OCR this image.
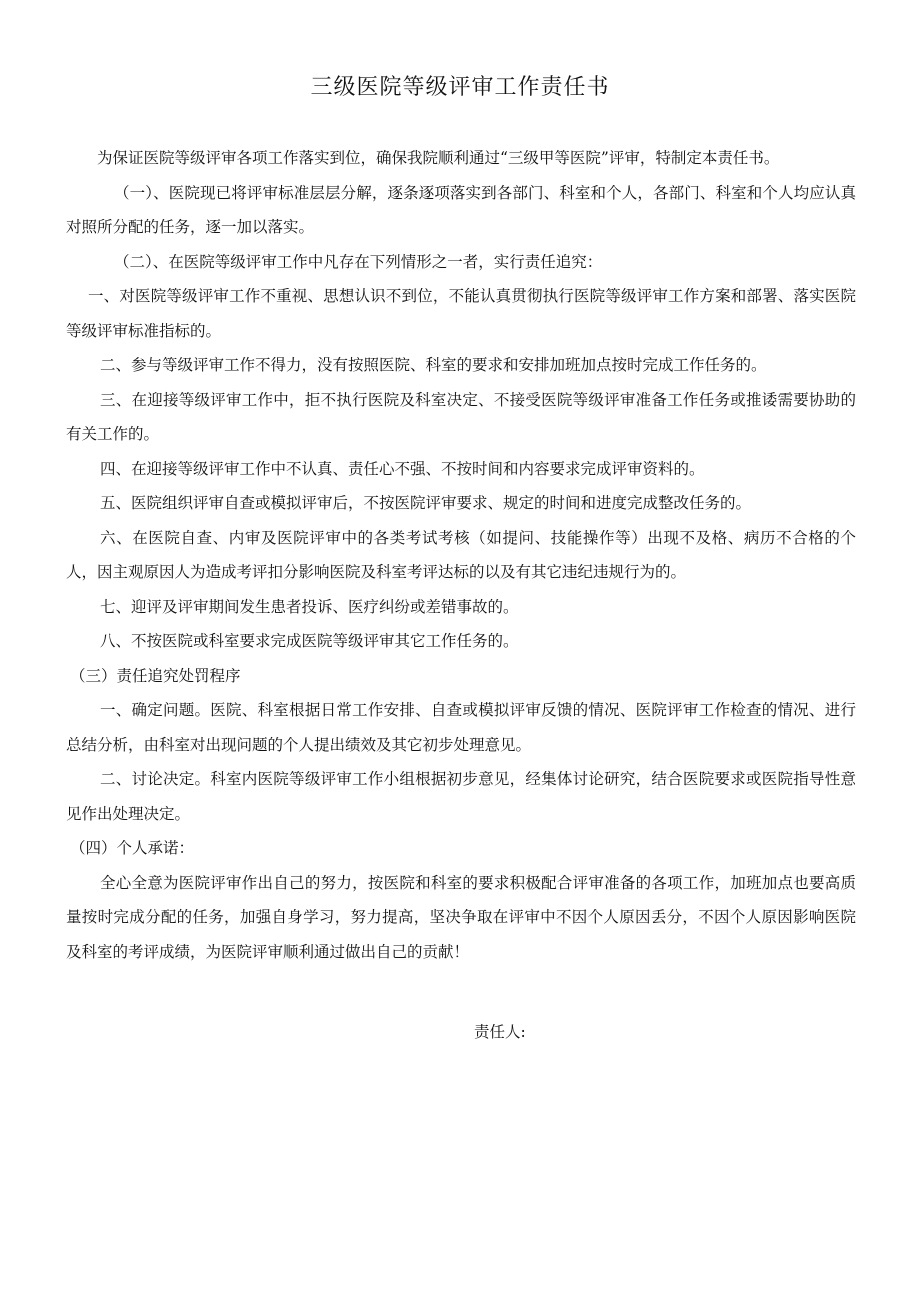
三级医院等级评审工作责任书

为保证医院等级评审各项工作落实到位，确保我院顺利通过“三级甲等医院”评审，特制定本责任书。

（一）、医院现已将评审标准层层分解，逐条逐项落实到各部门、科室和个人，各部门、科室和个人均应认真对照所分配的任务，逐一加以落实。

（二）、在医院等级评审工作中凡存在下列情形之一者，实行责任追究：

一、对医院等级评审工作不重视、思想认识不到位，不能认真贯彻执行医院等级评审工作方案和部署、落实医院等级评审标准指标的。

二、参与等级评审工作不得力，没有按照医院、科室的要求和安排加班加点按时完成工作任务的。

三、在迎接等级评审工作中，拒不执行医院及科室决定、不接受医院等级评审准备工作任务或推诿需要协助的有关工作的。

四、在迎接等级评审工作中不认真、责任心不强、不按时间和内容要求完成评审资料的。

五、医院组织评审自查或模拟评审后，不按医院评审要求、规定的时间和进度完成整改任务的。

六、在医院自查、内审及医院评审中的各类考试考核（如提问、技能操作等）出现不及格、病历不合格的个人，因主观原因人为造成考评扣分影响医院及科室考评达标的以及有其它违纪违规行为的。

七、迎评及评审期间发生患者投诉、医疗纠纷或差错事故的。

八、不按医院或科室要求完成医院等级评审其它工作任务的。

（三）责任追究处罚程序

一、确定问题。医院、科室根据日常工作安排、自查或模拟评审反馈的情况、医院评审工作检查的情况、进行总结分析，由科室对出现问题的个人提出绩效及其它初步处理意见。

二、讨论决定。科室内医院等级评审工作小组根据初步意见，经集体讨论研究，结合医院要求或医院指导性意见作出处理决定。

（四）个人承诺：

全心全意为医院评审作出自己的努力，按医院和科室的要求积极配合评审准备的各项工作，加班加点也要高质量按时完成分配的任务，加强自身学习，努力提高，坚决争取在评审中不因个人原因丢分，不因个人原因影响医院及科室的考评成绩，为医院评审顺利通过做出自己的贡献！

责任人:
